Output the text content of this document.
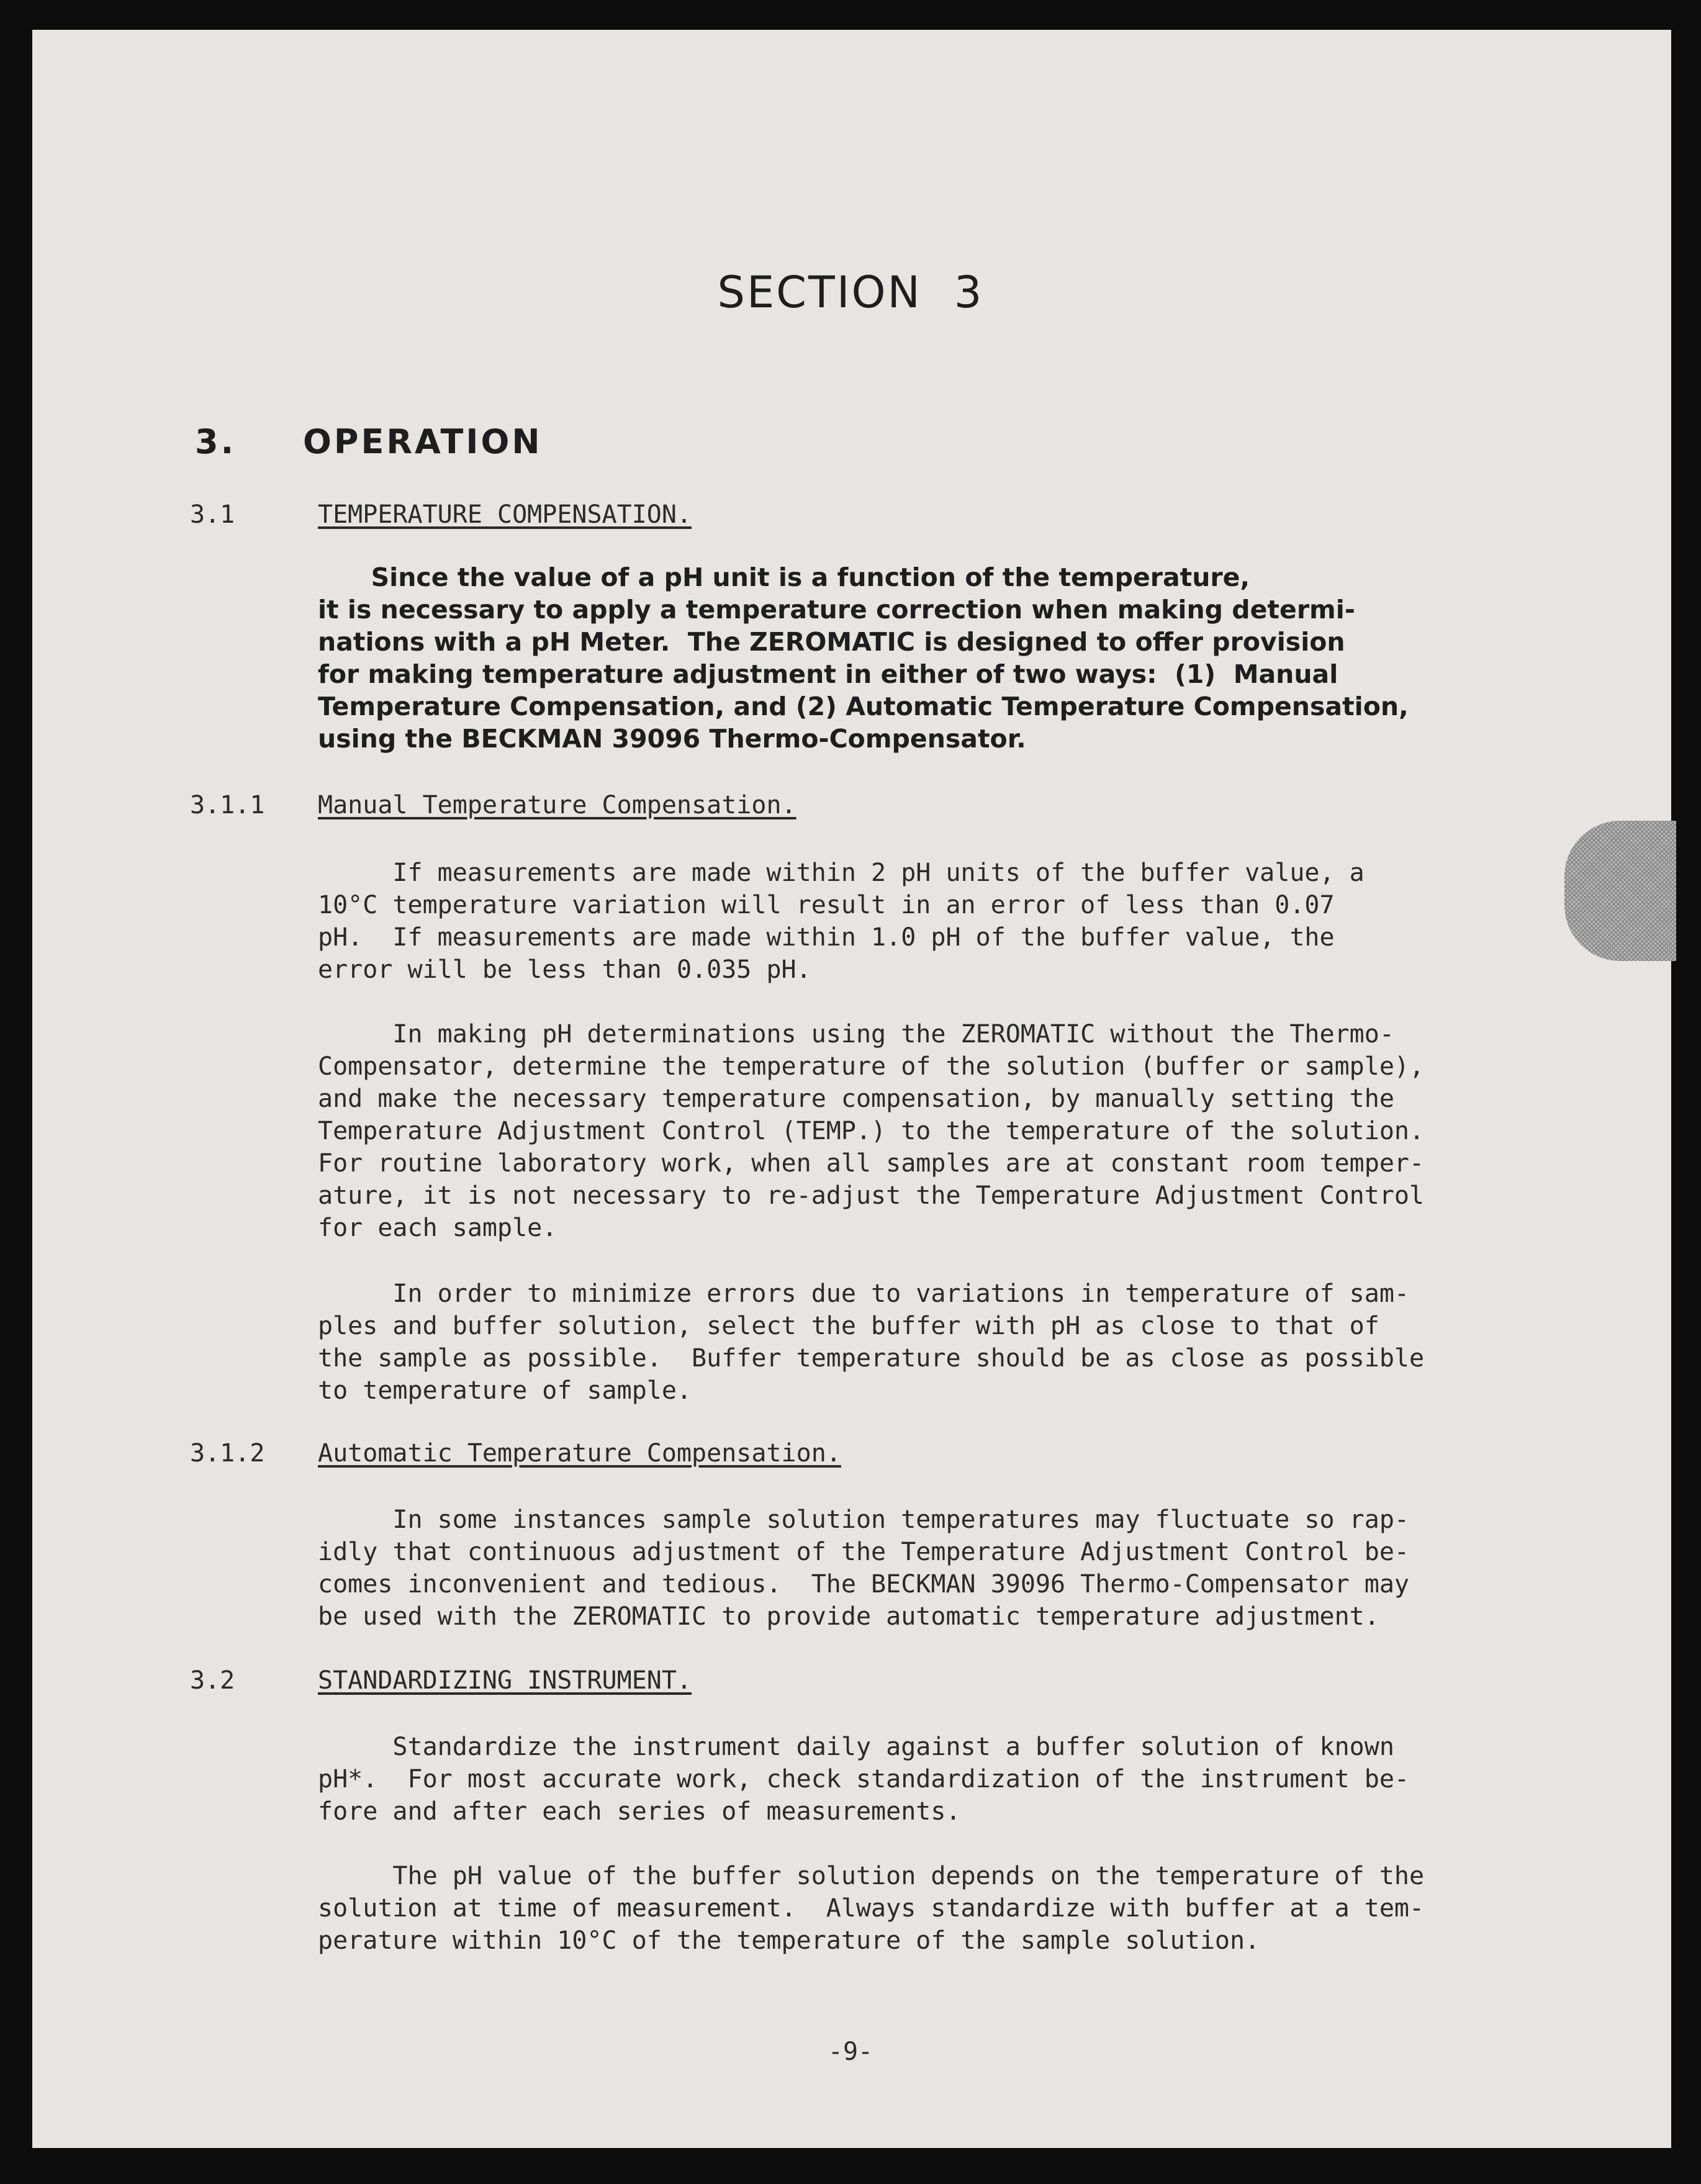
SECTION 3
3. OPERATION
3.1	TEMPERATURE COMPENSATION.

Since the value of a pH unit is a function of the temperature,
it is necessary to apply a temperature correction when making determi-
nations with a pH Meter.  The ZEROMATIC is designed to offer provision
for making temperature adjustment in either of two ways:  (1)  Manual
Temperature Compensation, and (2) Automatic Temperature Compensation,
using the BECKMAN 39096 Thermo-Compensator.

3.1.1 Manual Temperature Compensation.

If measurements are made within 2 pH units of the buffer value, a
10°C temperature variation will result in an error of less than 0.07
pH.  If measurements are made within 1.0 pH of the buffer value, the
error will be less than 0.035 pH.

In making pH determinations using the ZEROMATIC without the Thermo-
Compensator, determine the temperature of the solution (buffer or sample),
and make the necessary temperature compensation, by manually setting the
Temperature Adjustment Control (TEMP.) to the temperature of the solution.
For routine laboratory work, when all samples are at constant room temper-
ature, it is not necessary to re-adjust the Temperature Adjustment Control
for each sample.

In order to minimize errors due to variations in temperature of sam-
ples and buffer solution, select the buffer with pH as close to that of
the sample as possible.  Buffer temperature should be as close as possible
to temperature of sample.

3.1.2 Automatic Temperature Compensation.

In some instances sample solution temperatures may fluctuate so rap-
idly that continuous adjustment of the Temperature Adjustment Control be-
comes inconvenient and tedious.  The BECKMAN 39096 Thermo-Compensator may
be used with the ZEROMATIC to provide automatic temperature adjustment.

3.2	STANDARDIZING INSTRUMENT.

Standardize the instrument daily against a buffer solution of known
pH*.  For most accurate work, check standardization of the instrument be-
fore and after each series of measurements.

The pH value of the buffer solution depends on the temperature of the
solution at time of measurement.  Always standardize with buffer at a tem-
perature within 10°C of the temperature of the sample solution.

-9-
